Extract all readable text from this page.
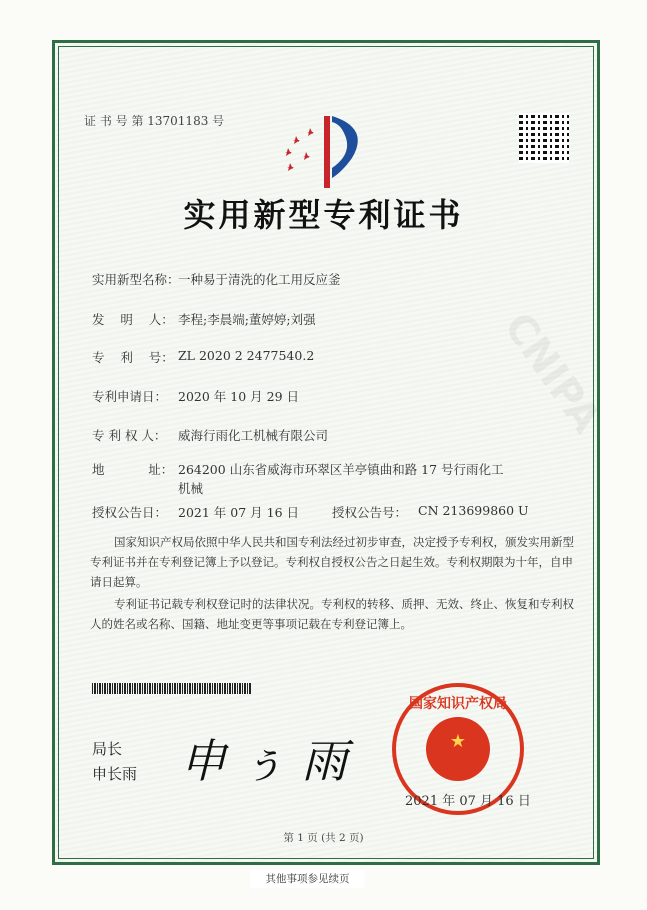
CNIPA
证 书 号 第 13701183 号
实用新型专利证书
实用新型名称：
一种易于清洗的化工用反应釜
发    明    人： 李程;李晨端;董婷婷;刘强
专    利    号： ZL 2020 2 2477540.2
专利申请日： 2020 年 10 月 29 日
专 利 权 人： 威海行雨化工机械有限公司
地           址： 264200 山东省威海市环翠区羊亭镇曲和路 17 号行雨化工机械
授权公告日： 2021 年 07 月 16 日	授权公告号： CN 213699860 U

国家知识产权局依照中华人民共和国专利法经过初步审查，决定授予专利权，颁发实用新型专利证书并在专利登记簿上予以登记。专利权自授权公告之日起生效。专利权期限为十年，自申请日起算。

专利证书记载专利权登记时的法律状况。专利权的转移、质押、无效、终止、恢复和专利权人的姓名或名称、国籍、地址变更等事项记载在专利登记簿上。

局长
申长雨 申 ぅ 雨	★
国家知识产权局
2021 年 07 月 16 日
第 1 页 (共 2 页)
其他事项参见续页
